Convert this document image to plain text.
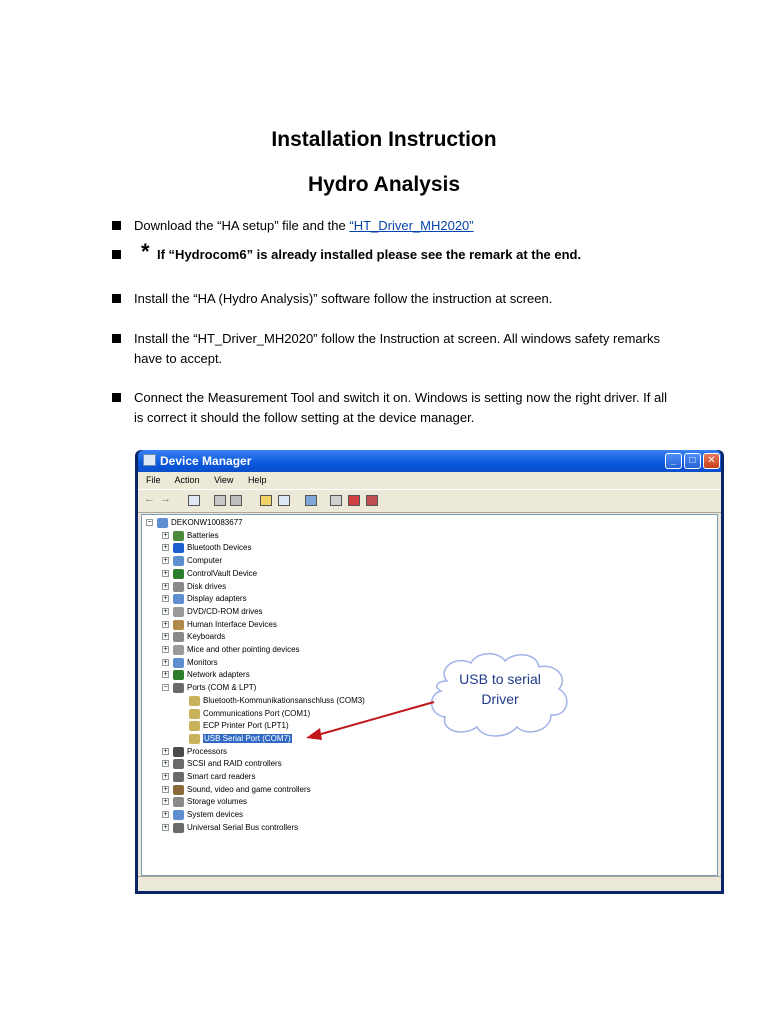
Installation Instruction
Hydro Analysis
Download the “HA setup” file and the “HT_Driver_MH2020”
* If “Hydrocom6” is already installed please see the remark at the end.
Install the “HA (Hydro Analysis)” software follow the instruction at screen.
Install the “HT_Driver_MH2020” follow the Instruction at screen. All windows safety remarks have to accept.
Connect the Measurement Tool and switch it on. Windows is setting now the right driver. If all is correct it should the follow setting at the device manager.
Device Manager	_	□	✕
File Action View Help
← →
− DEKONW10083677
+ Batteries
+ Bluetooth Devices
+ Computer
+ ControlVault Device
+ Disk drives
+ Display adapters
+ DVD/CD-ROM drives
+ Human Interface Devices
+ Keyboards
+ Mice and other pointing devices
+ Monitors
+ Network adapters
− Ports (COM & LPT)
Bluetooth-Kommunikationsanschluss (COM3)
Communications Port (COM1)
ECP Printer Port (LPT1)
USB Serial Port (COM7)
+ Processors
+ SCSI and RAID controllers
+ Smart card readers
+ Sound, video and game controllers
+ Storage volumes
+ System devices
+ Universal Serial Bus controllers
USB to serial
Driver
